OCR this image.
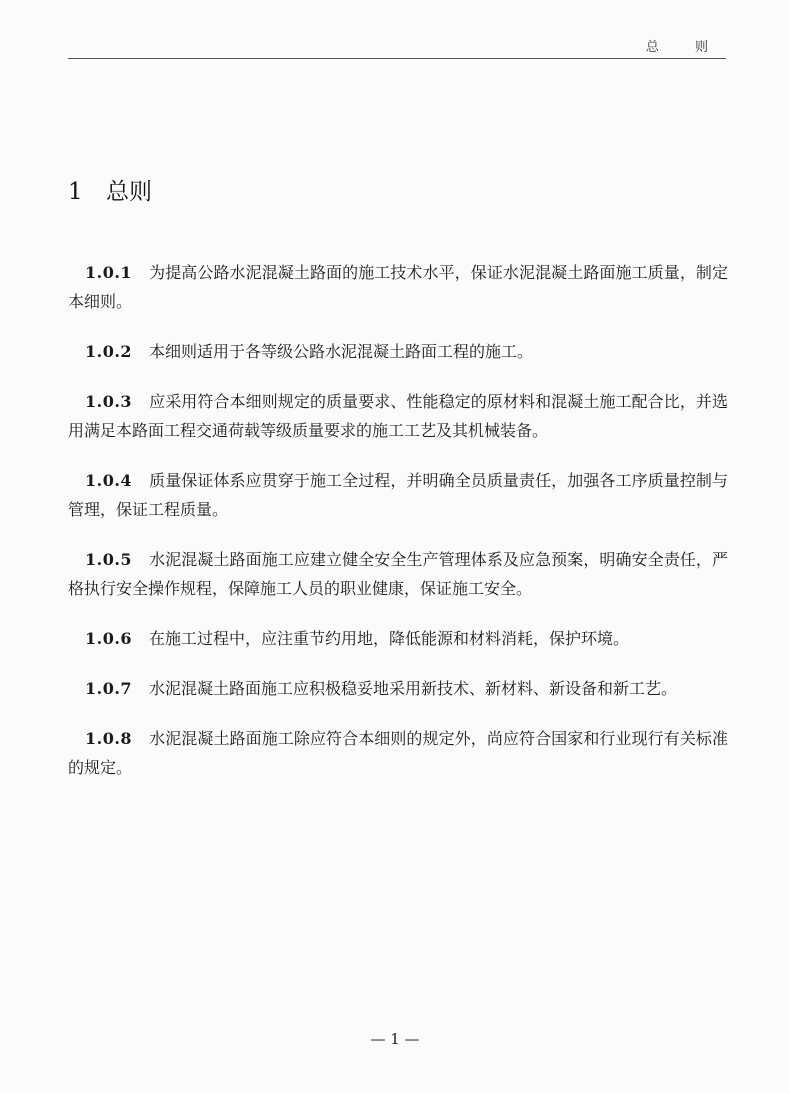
总 则
1 总则

1.0.1 为提高公路水泥混凝土路面的施工技术水平，保证水泥混凝土路面施工质量，制定本细则。

1.0.2 本细则适用于各等级公路水泥混凝土路面工程的施工。

1.0.3 应采用符合本细则规定的质量要求、性能稳定的原材料和混凝土施工配合比，并选用满足本路面工程交通荷载等级质量要求的施工工艺及其机械装备。

1.0.4 质量保证体系应贯穿于施工全过程，并明确全员质量责任，加强各工序质量控制与管理，保证工程质量。

1.0.5 水泥混凝土路面施工应建立健全安全生产管理体系及应急预案，明确安全责任，严格执行安全操作规程，保障施工人员的职业健康，保证施工安全。

1.0.6 在施工过程中，应注重节约用地，降低能源和材料消耗，保护环境。

1.0.7 水泥混凝土路面施工应积极稳妥地采用新技术、新材料、新设备和新工艺。

1.0.8 水泥混凝土路面施工除应符合本细则的规定外，尚应符合国家和行业现行有关标准的规定。

— 1 —
